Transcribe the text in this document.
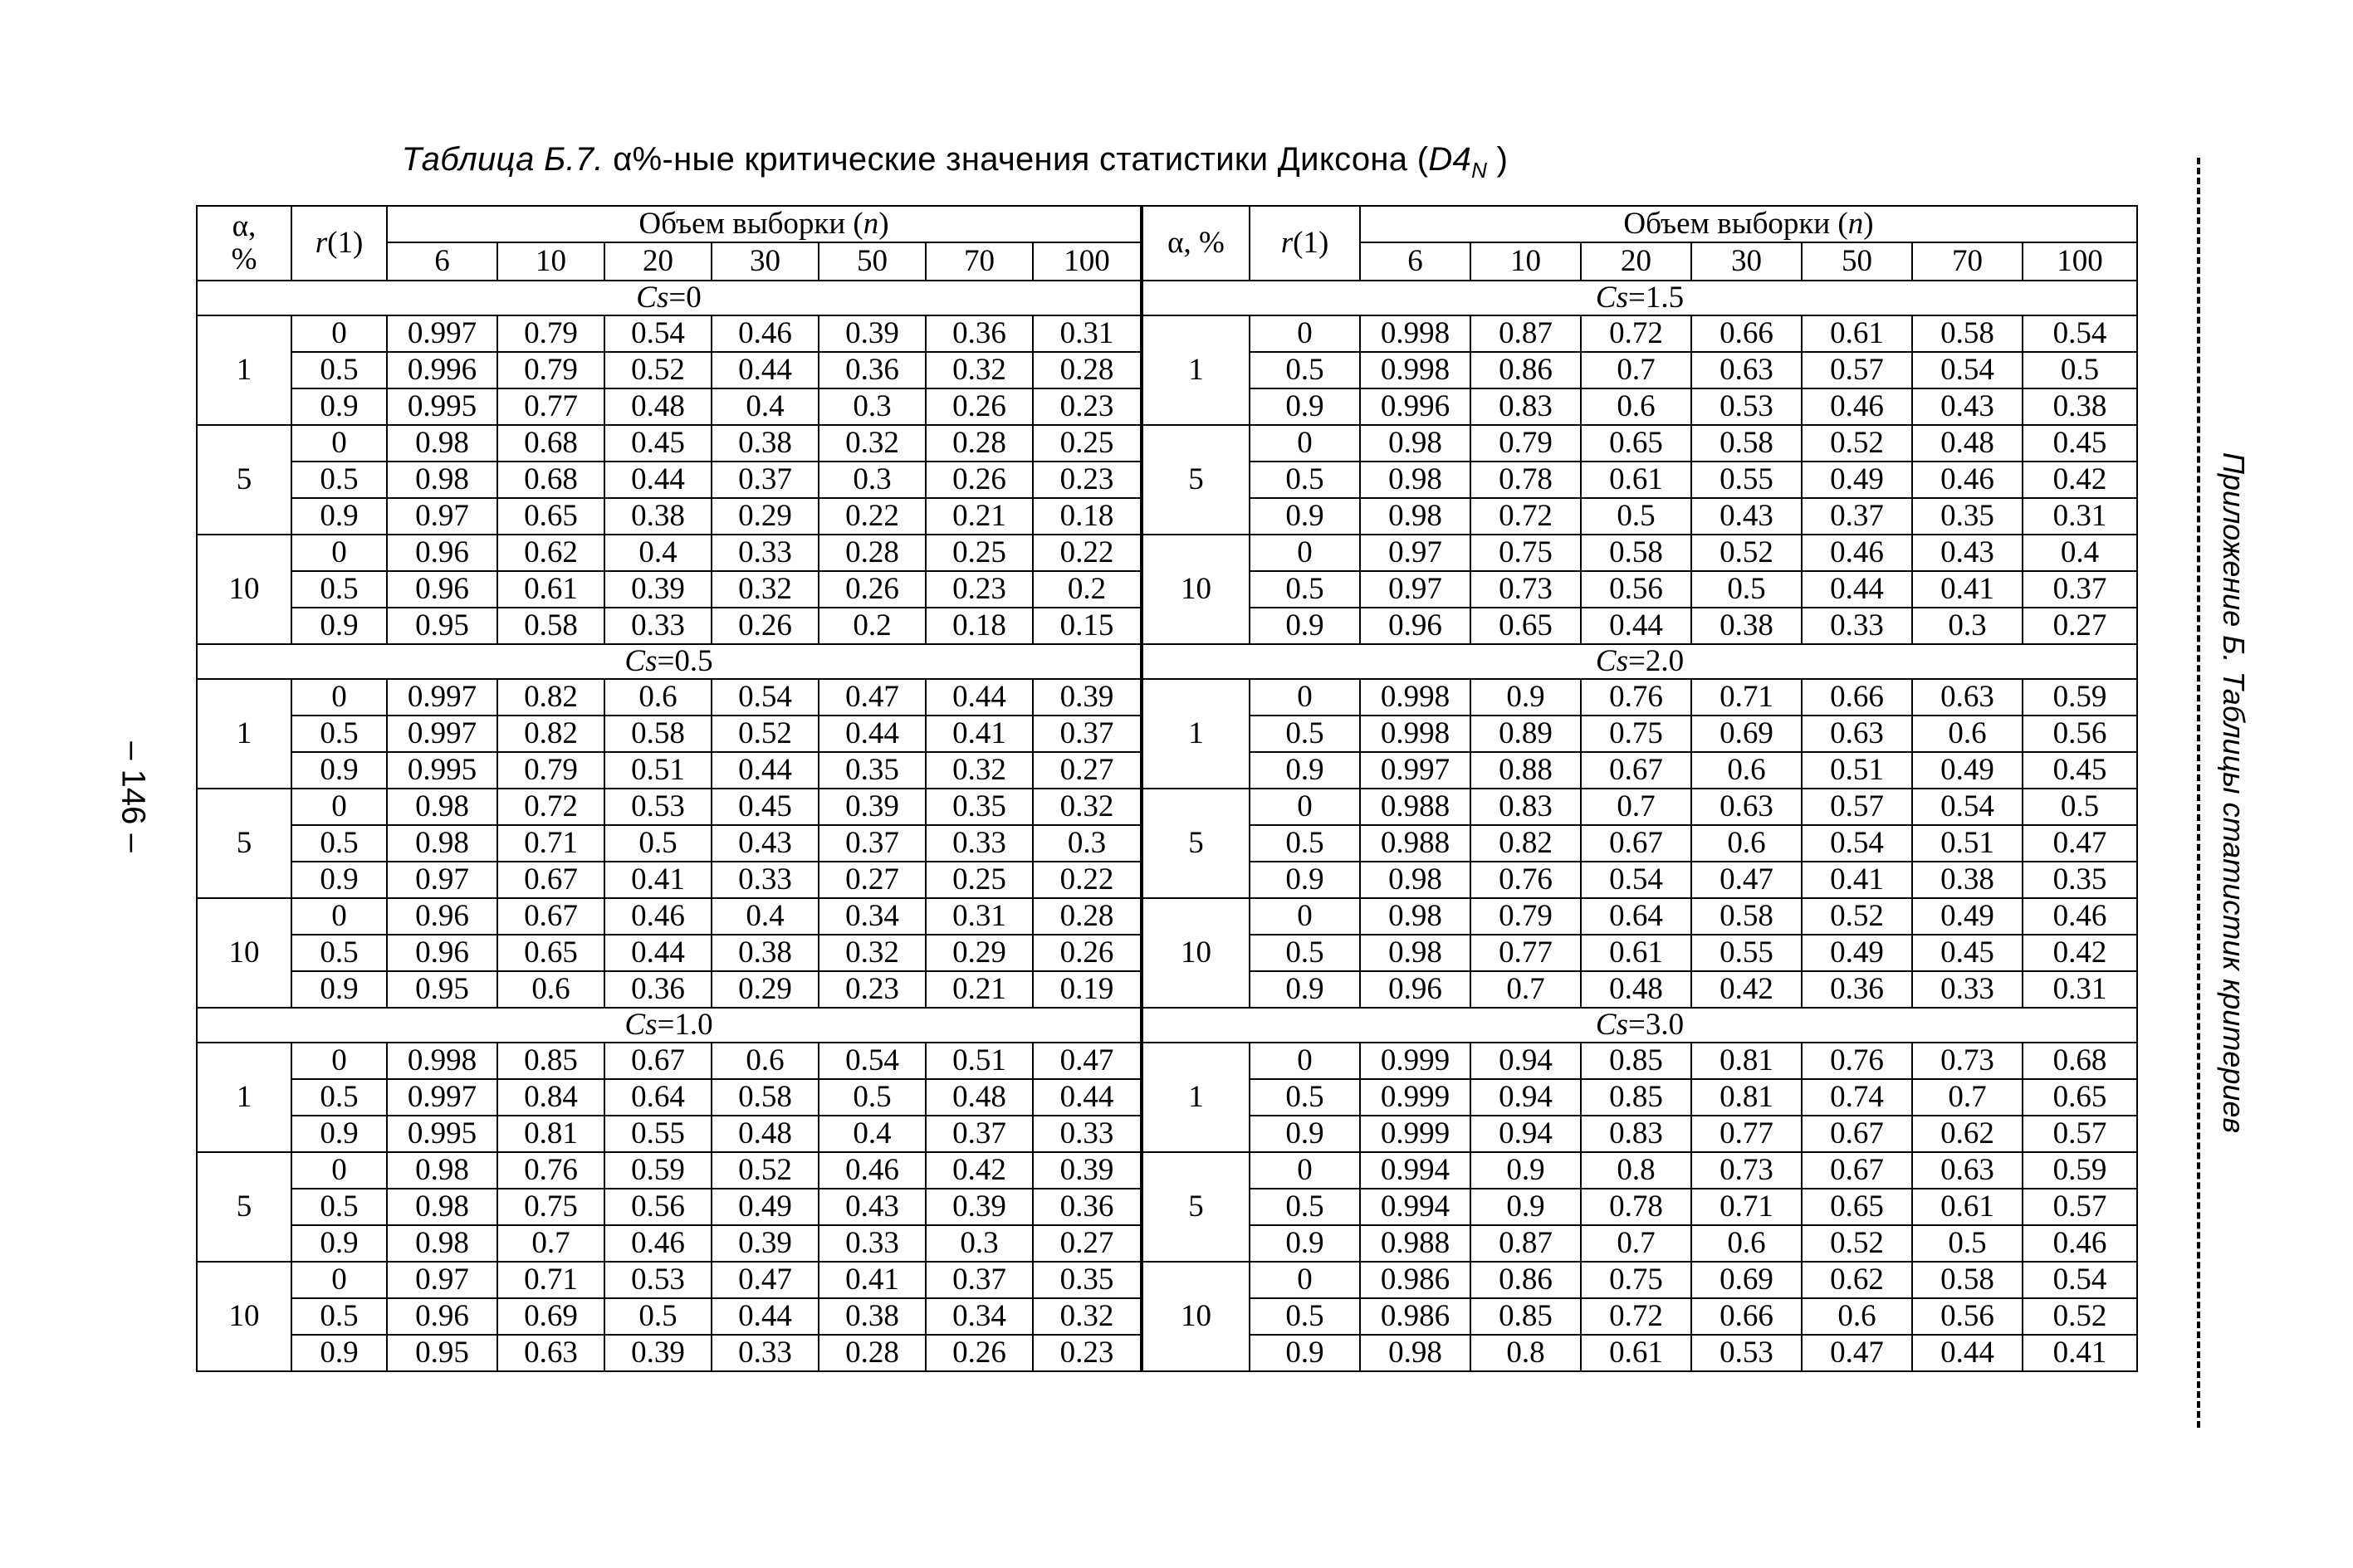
Таблица Б.7. α%-ные критические значения статистики Диксона ($D4_N$ )
α,
%	r(1)	Объем выборки (n)							α, %	r(1)	Объем выборки (n)						
		6	10	20	30	50	70	100			6	10	20	30	50	70	100
Cs=0									Cs=1.5								
1	0	0.997	0.79	0.54	0.46	0.39	0.36	0.31	1	0	0.998	0.87	0.72	0.66	0.61	0.58	0.54
	0.5	0.996	0.79	0.52	0.44	0.36	0.32	0.28		0.5	0.998	0.86	0.7	0.63	0.57	0.54	0.5
	0.9	0.995	0.77	0.48	0.4	0.3	0.26	0.23		0.9	0.996	0.83	0.6	0.53	0.46	0.43	0.38
5	0	0.98	0.68	0.45	0.38	0.32	0.28	0.25	5	0	0.98	0.79	0.65	0.58	0.52	0.48	0.45
	0.5	0.98	0.68	0.44	0.37	0.3	0.26	0.23		0.5	0.98	0.78	0.61	0.55	0.49	0.46	0.42
	0.9	0.97	0.65	0.38	0.29	0.22	0.21	0.18		0.9	0.98	0.72	0.5	0.43	0.37	0.35	0.31
10	0	0.96	0.62	0.4	0.33	0.28	0.25	0.22	10	0	0.97	0.75	0.58	0.52	0.46	0.43	0.4
	0.5	0.96	0.61	0.39	0.32	0.26	0.23	0.2		0.5	0.97	0.73	0.56	0.5	0.44	0.41	0.37
	0.9	0.95	0.58	0.33	0.26	0.2	0.18	0.15		0.9	0.96	0.65	0.44	0.38	0.33	0.3	0.27
Cs=0.5									Cs=2.0								
1	0	0.997	0.82	0.6	0.54	0.47	0.44	0.39	1	0	0.998	0.9	0.76	0.71	0.66	0.63	0.59
	0.5	0.997	0.82	0.58	0.52	0.44	0.41	0.37		0.5	0.998	0.89	0.75	0.69	0.63	0.6	0.56
	0.9	0.995	0.79	0.51	0.44	0.35	0.32	0.27		0.9	0.997	0.88	0.67	0.6	0.51	0.49	0.45
5	0	0.98	0.72	0.53	0.45	0.39	0.35	0.32	5	0	0.988	0.83	0.7	0.63	0.57	0.54	0.5
	0.5	0.98	0.71	0.5	0.43	0.37	0.33	0.3		0.5	0.988	0.82	0.67	0.6	0.54	0.51	0.47
	0.9	0.97	0.67	0.41	0.33	0.27	0.25	0.22		0.9	0.98	0.76	0.54	0.47	0.41	0.38	0.35
10	0	0.96	0.67	0.46	0.4	0.34	0.31	0.28	10	0	0.98	0.79	0.64	0.58	0.52	0.49	0.46
	0.5	0.96	0.65	0.44	0.38	0.32	0.29	0.26		0.5	0.98	0.77	0.61	0.55	0.49	0.45	0.42
	0.9	0.95	0.6	0.36	0.29	0.23	0.21	0.19		0.9	0.96	0.7	0.48	0.42	0.36	0.33	0.31
Cs=1.0									Cs=3.0								
1	0	0.998	0.85	0.67	0.6	0.54	0.51	0.47	1	0	0.999	0.94	0.85	0.81	0.76	0.73	0.68
	0.5	0.997	0.84	0.64	0.58	0.5	0.48	0.44		0.5	0.999	0.94	0.85	0.81	0.74	0.7	0.65
	0.9	0.995	0.81	0.55	0.48	0.4	0.37	0.33		0.9	0.999	0.94	0.83	0.77	0.67	0.62	0.57
5	0	0.98	0.76	0.59	0.52	0.46	0.42	0.39	5	0	0.994	0.9	0.8	0.73	0.67	0.63	0.59
	0.5	0.98	0.75	0.56	0.49	0.43	0.39	0.36		0.5	0.994	0.9	0.78	0.71	0.65	0.61	0.57
	0.9	0.98	0.7	0.46	0.39	0.33	0.3	0.27		0.9	0.988	0.87	0.7	0.6	0.52	0.5	0.46
10	0	0.97	0.71	0.53	0.47	0.41	0.37	0.35	10	0	0.986	0.86	0.75	0.69	0.62	0.58	0.54
	0.5	0.96	0.69	0.5	0.44	0.38	0.34	0.32		0.5	0.986	0.85	0.72	0.66	0.6	0.56	0.52
	0.9	0.95	0.63	0.39	0.33	0.28	0.26	0.23		0.9	0.98	0.8	0.61	0.53	0.47	0.44	0.41
– 146 –	Приложение Б. Таблицы статистик критериев
